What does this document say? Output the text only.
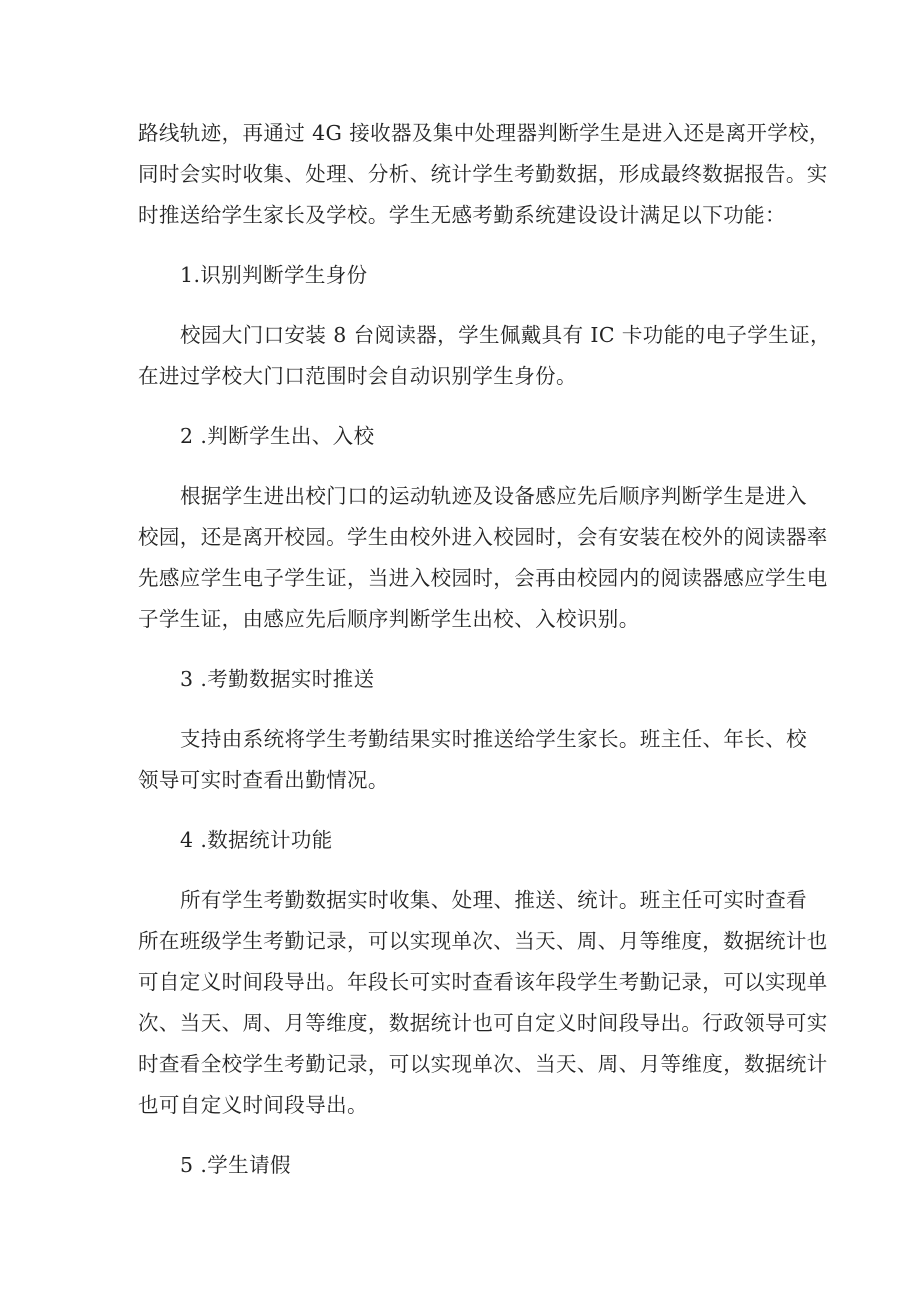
路线轨迹，再通过 4G 接收器及集中处理器判断学生是进入还是离开学校，
同时会实时收集、处理、分析、统计学生考勤数据，形成最终数据报告。实
时推送给学生家长及学校。学生无感考勤系统建设设计满足以下功能：
1.识别判断学生身份
校园大门口安装 8 台阅读器，学生佩戴具有 IC 卡功能的电子学生证，
在进过学校大门口范围时会自动识别学生身份。
2 .判断学生出、入校
根据学生进出校门口的运动轨迹及设备感应先后顺序判断学生是进入
校园，还是离开校园。学生由校外进入校园时，会有安装在校外的阅读器率
先感应学生电子学生证，当进入校园时，会再由校园内的阅读器感应学生电
子学生证，由感应先后顺序判断学生出校、入校识别。
3 .考勤数据实时推送
支持由系统将学生考勤结果实时推送给学生家长。班主任、年长、校
领导可实时查看出勤情况。
4 .数据统计功能
所有学生考勤数据实时收集、处理、推送、统计。班主任可实时查看
所在班级学生考勤记录，可以实现单次、当天、周、月等维度，数据统计也
可自定义时间段导出。年段长可实时查看该年段学生考勤记录，可以实现单
次、当天、周、月等维度，数据统计也可自定义时间段导出。行政领导可实
时查看全校学生考勤记录，可以实现单次、当天、周、月等维度，数据统计
也可自定义时间段导出。
5 .学生请假
